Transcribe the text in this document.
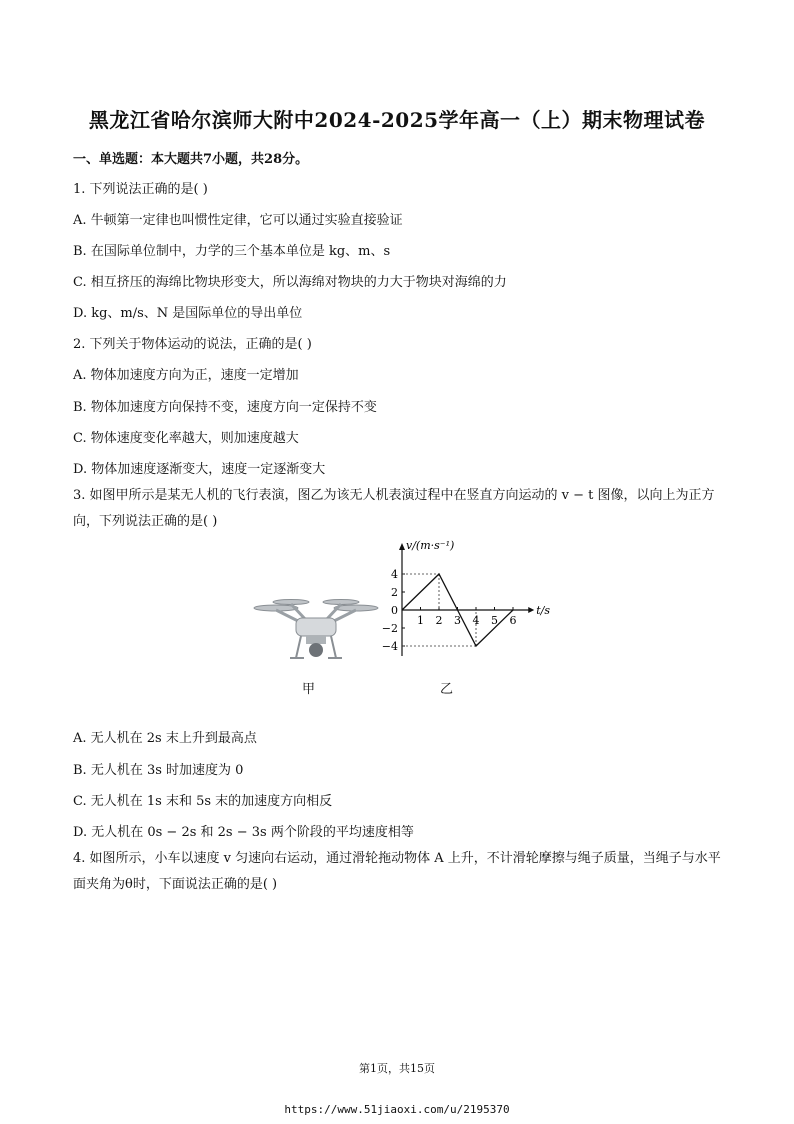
黑龙江省哈尔滨师大附中2024-2025学年高一（上）期末物理试卷
一、单选题：本大题共7小题，共28分。
1. 下列说法正确的是( )
A. 牛顿第一定律也叫惯性定律，它可以通过实验直接验证
B. 在国际单位制中，力学的三个基本单位是 kg、m、s
C. 相互挤压的海绵比物块形变大，所以海绵对物块的力大于物块对海绵的力
D. kg、m/s、N 是国际单位的导出单位
2. 下列关于物体运动的说法，正确的是( )
A. 物体加速度方向为正，速度一定增加
B. 物体加速度方向保持不变，速度方向一定保持不变
C. 物体速度变化率越大，则加速度越大
D. 物体加速度逐渐变大，速度一定逐渐变大
3. 如图甲所示是某无人机的飞行表演，图乙为该无人机表演过程中在竖直方向运动的 v − t 图像，以向上为正方向，下列说法正确的是( )
v/(m·s⁻¹)
t/s
4
2
0
−2
−4
1 2 3 4 5 6
甲	乙
A. 无人机在 2s 末上升到最高点
B. 无人机在 3s 时加速度为 0
C. 无人机在 1s 末和 5s 末的加速度方向相反
D. 无人机在 0s − 2s 和 2s − 3s 两个阶段的平均速度相等
4. 如图所示，小车以速度 v 匀速向右运动，通过滑轮拖动物体 A 上升，不计滑轮摩擦与绳子质量，当绳子与水平面夹角为θ时，下面说法正确的是( )
第1页，共15页
https://www.51jiaoxi.com/u/2195370
